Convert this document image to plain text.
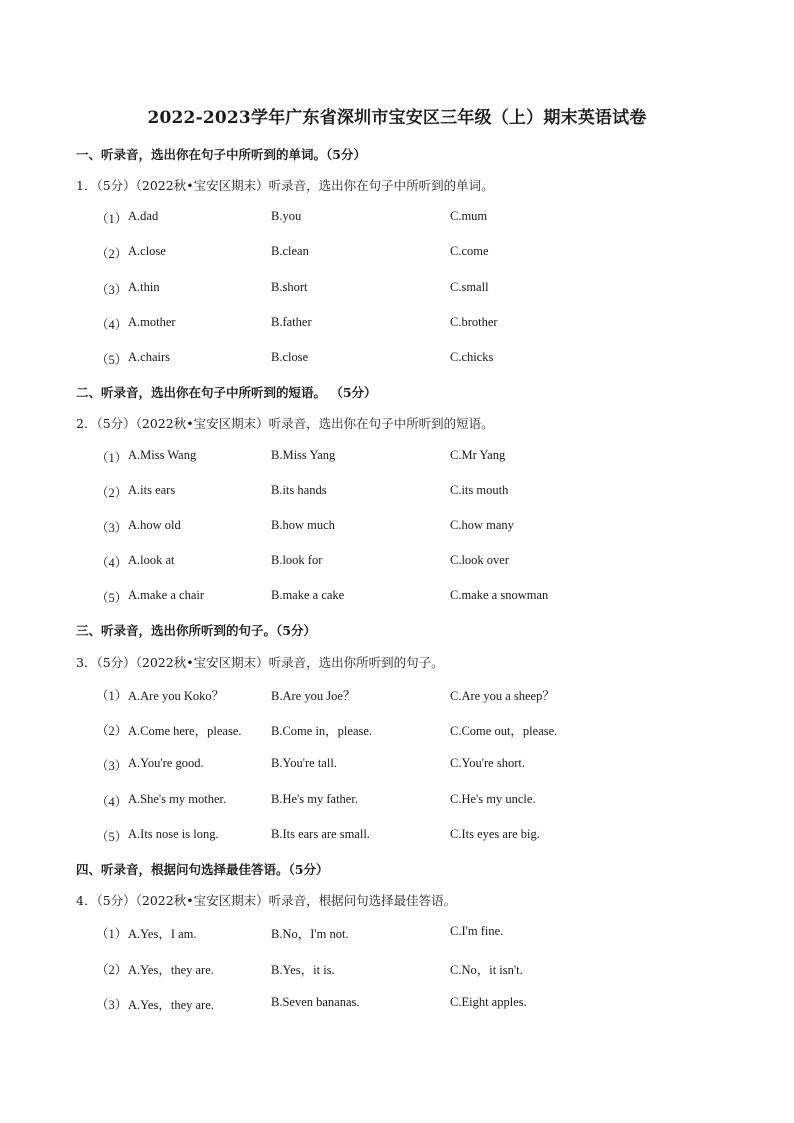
2022-2023学年广东省深圳市宝安区三年级（上）期末英语试卷
一、听录音，选出你在句子中所听到的单词。（5分）
1．（5分）（2022秋•宝安区期末）听录音，选出你在句子中所听到的单词。
（1） A.dad	B.you	C.mum
（2） A.close	B.clean	C.come
（3） A.thin	B.short	C.small
（4） A.mother	B.father	C.brother
（5） A.chairs	B.close	C.chicks
二、听录音，选出你在句子中所听到的短语。 （5分）
2．（5分）（2022秋•宝安区期末）听录音，选出你在句子中所听到的短语。
（1） A.Miss Wang	B.Miss Yang	C.Mr Yang
（2） A.its ears	B.its hands	C.its mouth
（3） A.how old	B.how much	C.how many
（4） A.look at	B.look for	C.look over
（5） A.make a chair	B.make a cake	C.make a snowman
三、听录音，选出你所听到的句子。（5分）
3．（5分）（2022秋•宝安区期末）听录音，选出你所听到的句子。
（1） A.Are you Koko？	B.Are you Joe？	C.Are you a sheep？
（2） A.Come here，please. B.Come in，please.	C.Come out，please.
（3） A.You're good.	B.You're tall.	C.You're short.
（4） A.She's my mother.	B.He's my father.	C.He's my uncle.
（5） A.Its nose is long.	B.Its ears are small.	C.Its eyes are big.
四、听录音，根据问句选择最佳答语。（5分）
4．（5分）（2022秋•宝安区期末）听录音，根据问句选择最佳答语。
（1） A.Yes，I am.	B.No，I'm not.	C.I'm fine.
（2） A.Yes，they are.	B.Yes，it is.	C.No，it isn't.
（3） A.Yes，they are.	B.Seven bananas.	C.Eight apples.
